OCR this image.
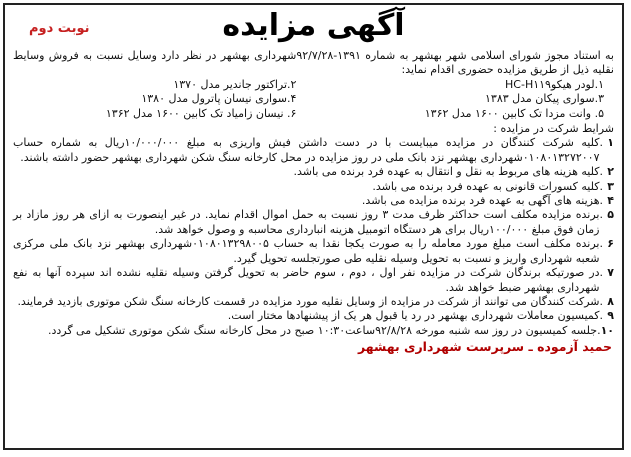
آگهی مزایده
نوبت دوم

به استناد مجوز شورای اسلامی شهر بهشهر به شماره ۱۳۹۱-۹۲/۷/۲۸شهرداری بهشهر در نظر دارد وسایل نسبت به فروش وسایط نقلیه ذیل از طریق مزایده حضوری اقدام نماید:

۱.لودر هیکوHC-H۱۱۹
۲.تراکتور جاندیر مدل ۱۳۷۰
۳.سواری پیکان مدل ۱۳۸۳
۴.سواری نیسان پاترول مدل ۱۳۸۰
۵. وانت مزدا تک کابین ۱۶۰۰ مدل ۱۳۶۲
۶. نیسان زامیاد تک کابین ۱۶۰۰ مدل ۱۳۶۲

شرایط شرکت در مزایده :

۱
.
کلیه شرکت کنندگان در مزایده میبایست با در دست داشتن فیش واریزی به مبلغ ۱۰/۰۰۰/۰۰۰ریال به شماره حساب ۰۱۰۸۰۱۳۲۷۲۰۰۷شهرداری بهشهر نزد بانک ملی در روز مزایده در محل کارخانه سنگ شکن شهرداری بهشهر حضور داشته باشند.
۲
.
کلیه هزینه های مربوط به نقل و انتقال به عهده فرد برنده می باشد.
۳
.
کلیه کسورات قانونی به عهده فرد برنده می باشد.
۴
.
هزینه های آگهی به عهده فرد برنده مزایده می باشد.
۵
.
برنده مزایده مکلف است حداکثر ظرف مدت ۳ روز نسبت به حمل اموال اقدام نماید. در غیر اینصورت به ازای هر روز مازاد بر زمان فوق مبلغ ۱۰۰/۰۰۰ریال برای هر دستگاه اتومبیل هزینه انبارداری محاسبه و وصول خواهد شد.
۶
.
برنده مکلف است مبلغ مورد معامله را به صورت یکجا نقدا به حساب ۰۱۰۸۰۱۳۲۹۸۰۰۵شهرداری بهشهر نزد بانک ملی مرکزی شعبه شهرداری واریز و نسبت به تحویل وسیله نقلیه طی صورتجلسه تحویل گیرد.
۷
.
در صورتیکه برندگان شرکت در مزایده نفر اول ، دوم ، سوم حاضر به تحویل گرفتن وسیله نقلیه نشده اند سپرده آنها به نفع شهرداری بهشهر ضبط خواهد شد.
۸
.
شرکت کنندگان می توانند از شرکت در مزایده از وسایل نقلیه مورد مزایده در قسمت کارخانه سنگ شکن موتوری بازدید فرمایند.
۹
.
کمیسیون معاملات شهرداری بهشهر در رد یا قبول هر یک از پیشنهادها مختار است.
۱۰
.
جلسه کمیسیون در روز سه شنبه مورخه ۹۲/۸/۲۸ساعت۱۰:۳۰ صبح در محل کارخانه سنگ شکن موتوری تشکیل می گردد.
حمید آزموده ـ سرپرست شهرداری بهشهر
